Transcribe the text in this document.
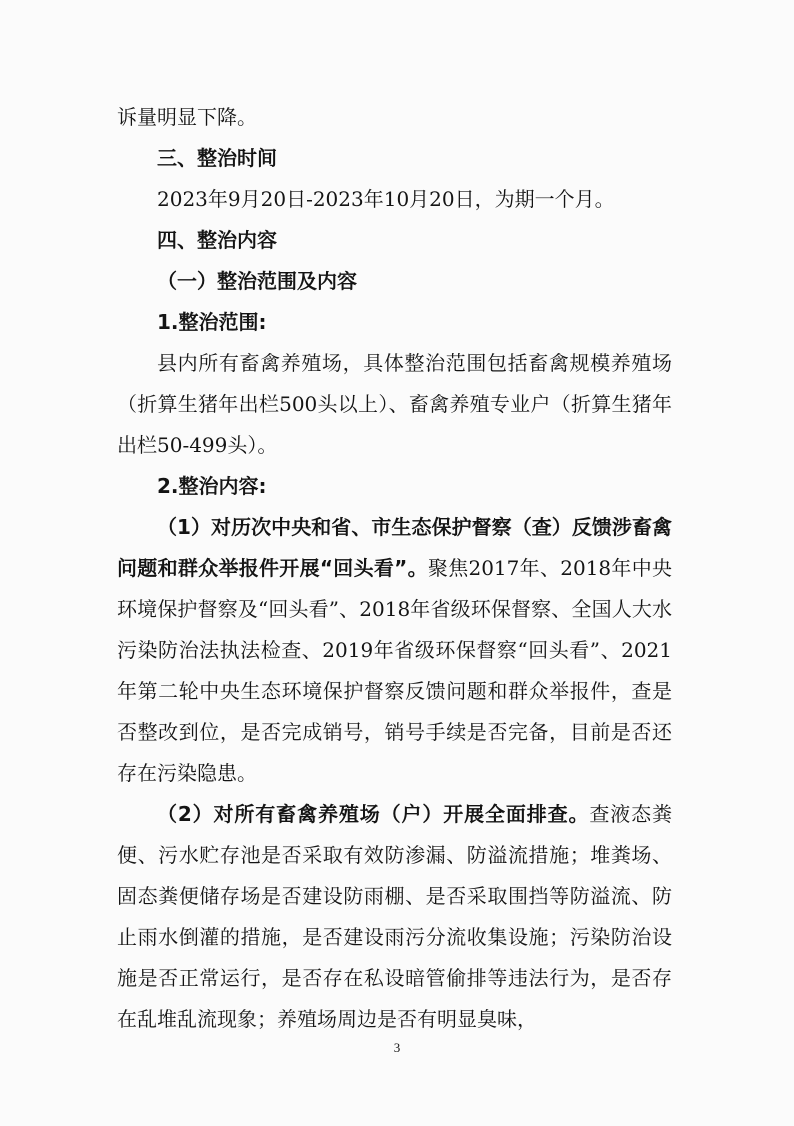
诉量明显下降。

三、整治时间

2023年9月20日-2023年10月20日，为期一个月。

四、整治内容

（一）整治范围及内容

1.整治范围:

县内所有畜禽养殖场，具体整治范围包括畜禽规模养殖场（折算生猪年出栏500头以上）、畜禽养殖专业户（折算生猪年出栏50-499头）。

2.整治内容:

（1）对历次中央和省、市生态保护督察（查）反馈涉畜禽问题和群众举报件开展“回头看”。聚焦2017年、2018年中央环境保护督察及“回头看”、2018年省级环保督察、全国人大水污染防治法执法检查、2019年省级环保督察“回头看”、2021年第二轮中央生态环境保护督察反馈问题和群众举报件，查是否整改到位，是否完成销号，销号手续是否完备，目前是否还存在污染隐患。

（2）对所有畜禽养殖场（户）开展全面排查。查液态粪便、污水贮存池是否采取有效防渗漏、防溢流措施；堆粪场、固态粪便储存场是否建设防雨棚、是否采取围挡等防溢流、防止雨水倒灌的措施，是否建设雨污分流收集设施；污染防治设施是否正常运行，是否存在私设暗管偷排等违法行为，是否存在乱堆乱流现象；养殖场周边是否有明显臭味，

3
